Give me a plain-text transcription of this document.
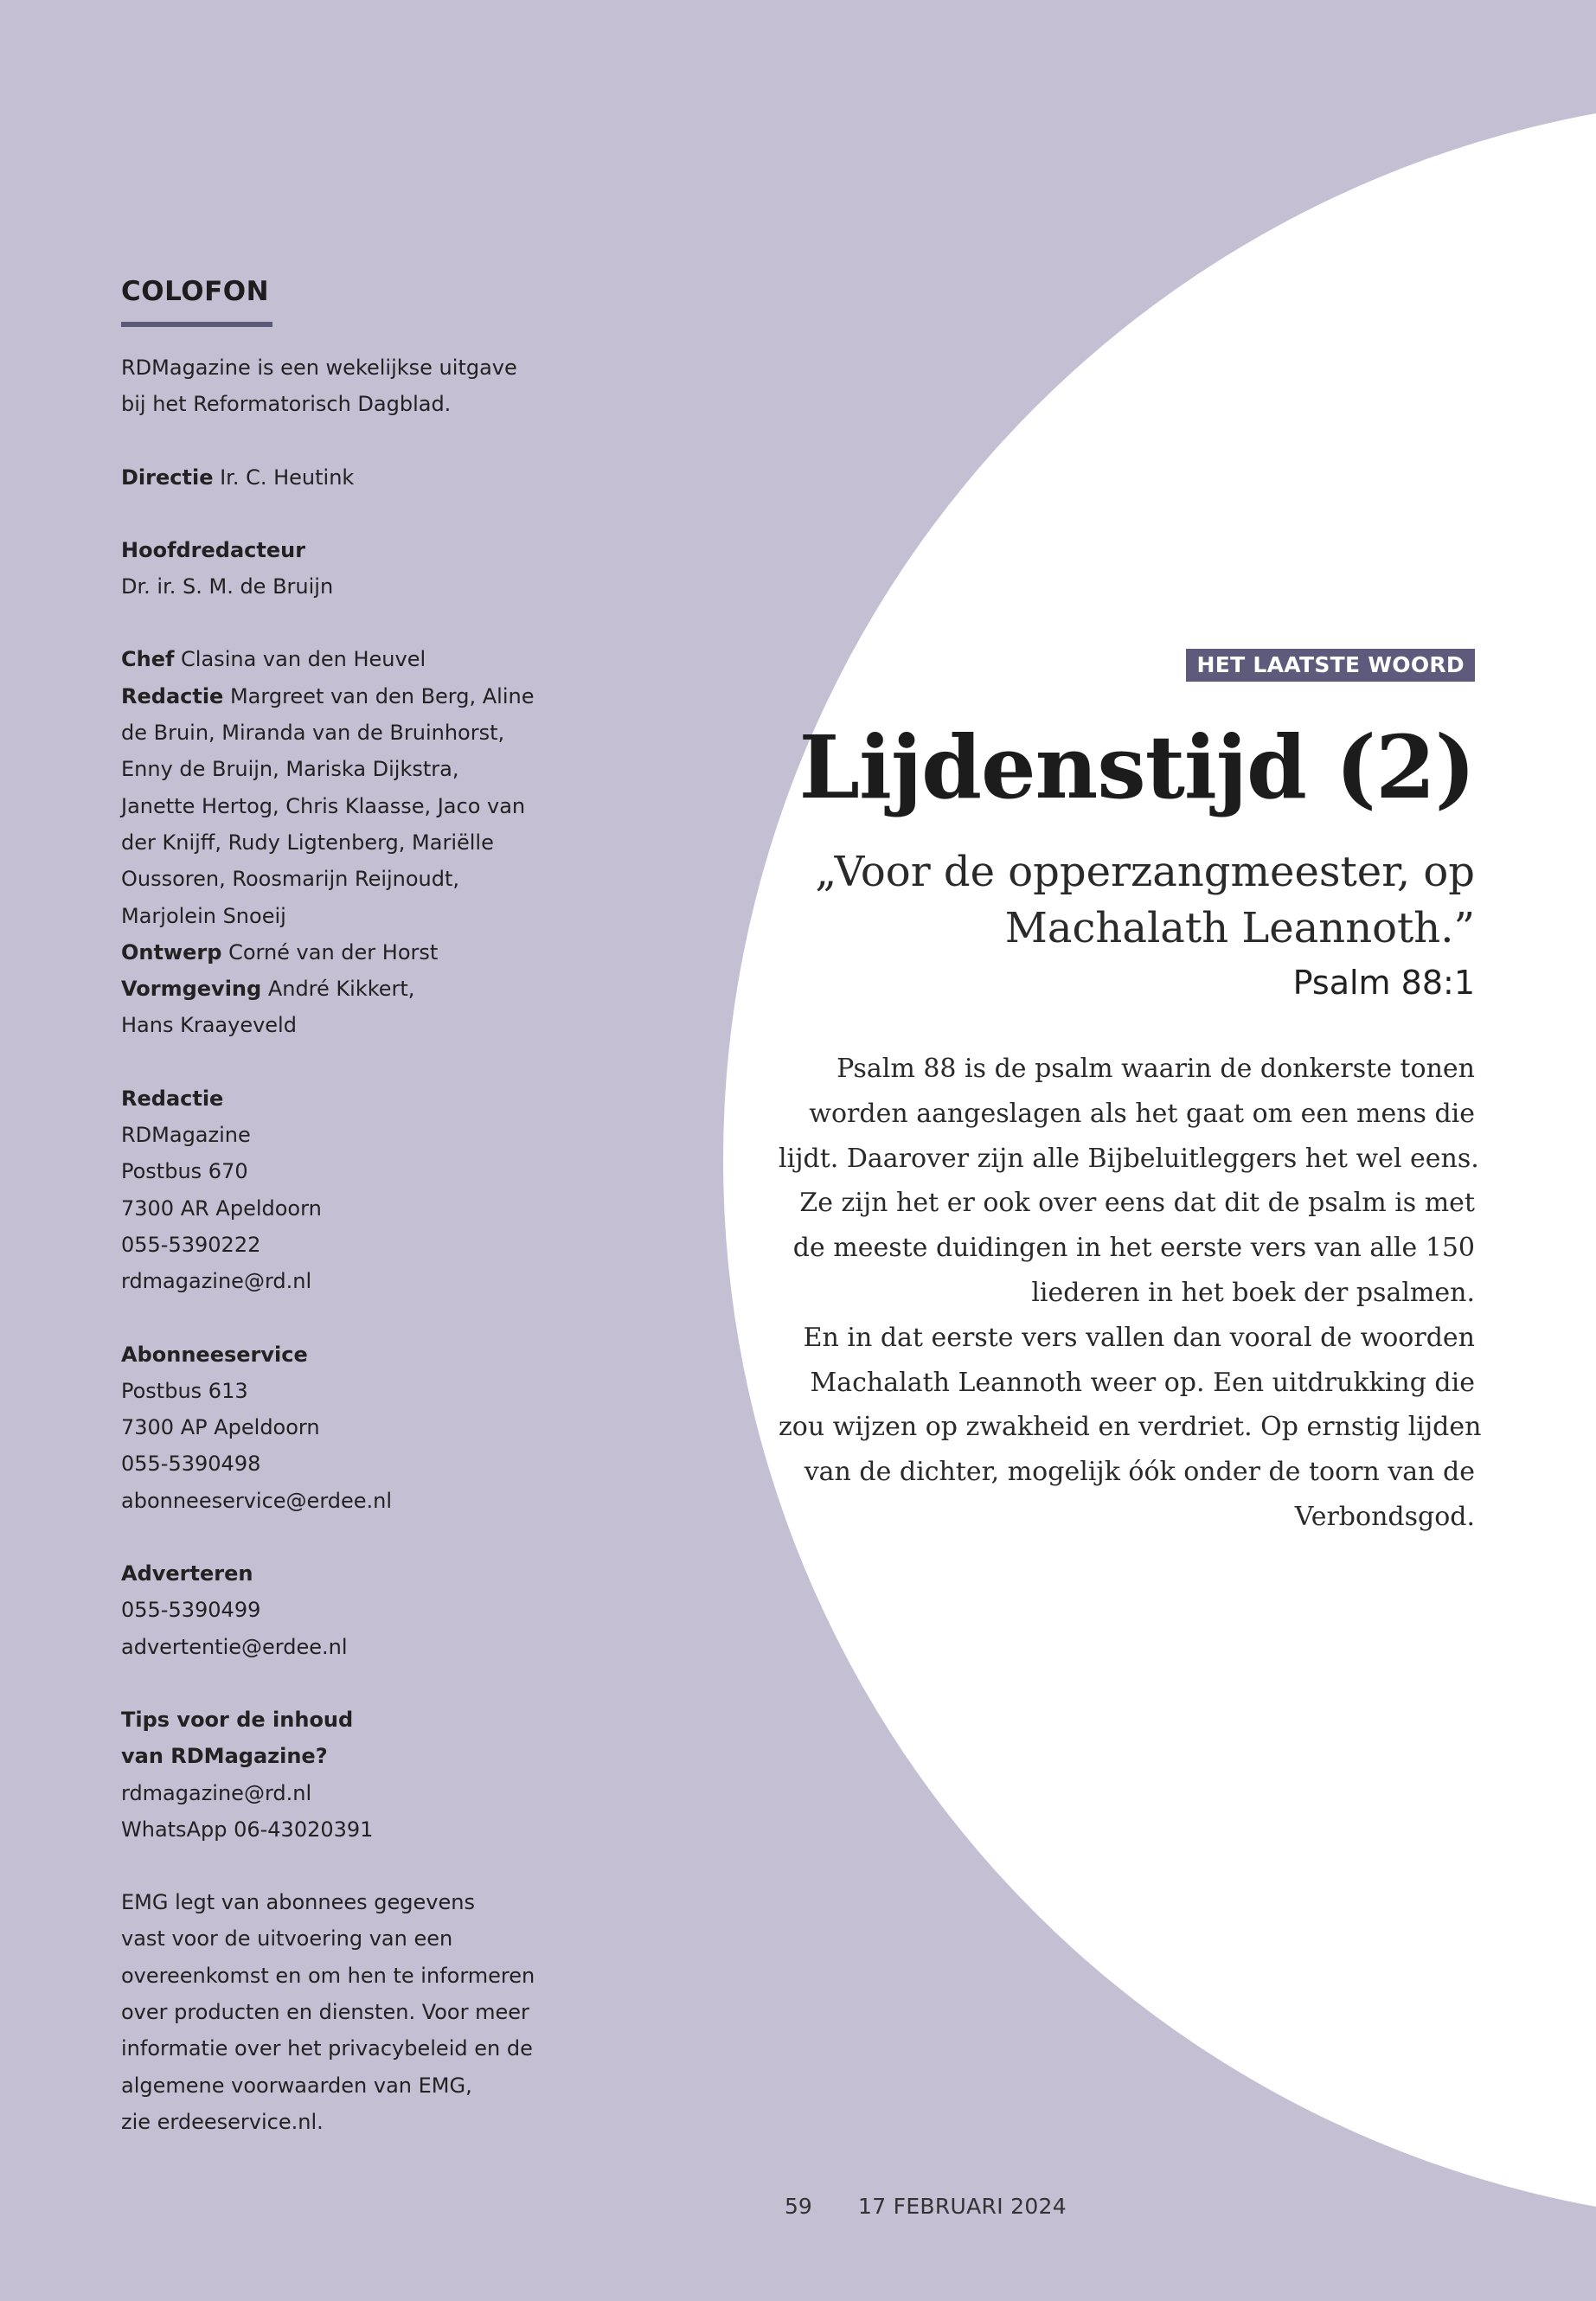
COLOFON

RDMagazine is een wekelijkse uitgave
bij het Reformatorisch Dagblad.

Directie Ir. C. Heutink

Hoofdredacteur
Dr. ir. S. M. de Bruijn

Chef Clasina van den Heuvel
Redactie Margreet van den Berg, Aline
de Bruin, Miranda van de Bruinhorst,
Enny de Bruijn, Mariska Dijkstra,
Janette Hertog, Chris Klaasse, Jaco van
der Knijff, Rudy Ligtenberg, Mariëlle
Oussoren, Roosmarijn Reijnoudt,
Marjolein Snoeij
Ontwerp Corné van der Horst
Vormgeving André Kikkert,
Hans Kraayeveld

Redactie
RDMagazine
Postbus 670
7300 AR Apeldoorn
055-5390222
rdmagazine@rd.nl

Abonneeservice
Postbus 613
7300 AP Apeldoorn
055-5390498
abonneeservice@erdee.nl

Adverteren
055-5390499
advertentie@erdee.nl

Tips voor de inhoud
van RDMagazine?
rdmagazine@rd.nl
WhatsApp 06-43020391

EMG legt van abonnees gegevens
vast voor de uitvoering van een
overeenkomst en om hen te informeren
over producten en diensten. Voor meer
informatie over het privacybeleid en de
algemene voorwaarden van EMG,
zie erdeeservice.nl.

HET LAATSTE WOORD
Lijdenstijd (2)
„Voor de opperzangmeester, op
Machalath Leannoth.”
Psalm 88:1
Psalm 88 is de psalm waarin de donkerste tonen
worden aangeslagen als het gaat om een mens die
lijdt. Daarover zijn alle Bijbeluitleggers het wel eens.
Ze zijn het er ook over eens dat dit de psalm is met
de meeste duidingen in het eerste vers van alle 150
liederen in het boek der psalmen.
En in dat eerste vers vallen dan vooral de woorden
Machalath Leannoth weer op. Een uitdrukking die
zou wijzen op zwakheid en verdriet. Op ernstig lijden
van de dichter, mogelijk óók onder de toorn van de
Verbondsgod.
59 17 FEBRUARI 2024
